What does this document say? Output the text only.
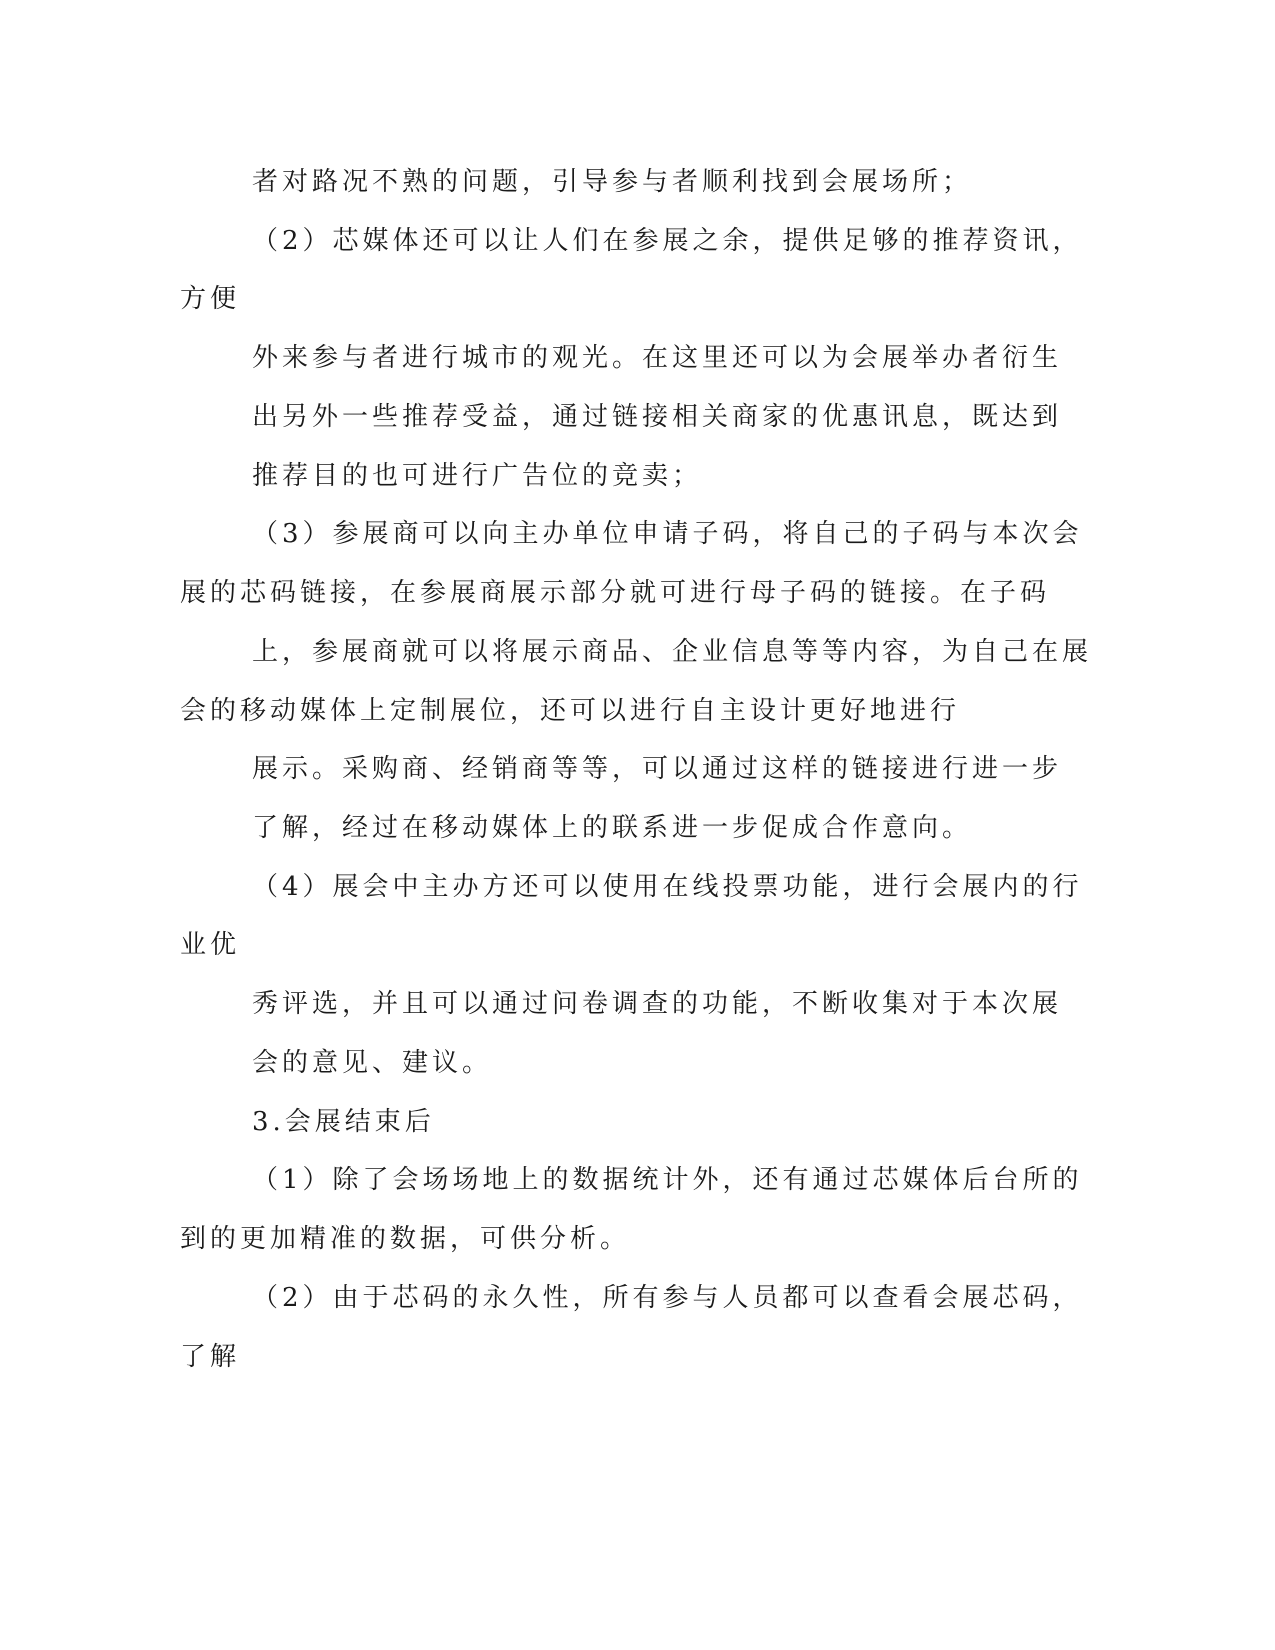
者对路况不熟的问题，引导参与者顺利找到会展场所；
（2）芯媒体还可以让人们在参展之余，提供足够的推荐资讯，
方便
外来参与者进行城市的观光。在这里还可以为会展举办者衍生
出另外一些推荐受益，通过链接相关商家的优惠讯息，既达到
推荐目的也可进行广告位的竞卖；
（3）参展商可以向主办单位申请子码，将自己的子码与本次会
展的芯码链接，在参展商展示部分就可进行母子码的链接。在子码
上，参展商就可以将展示商品、企业信息等等内容，为自己在展
会的移动媒体上定制展位，还可以进行自主设计更好地进行
展示。采购商、经销商等等，可以通过这样的链接进行进一步
了解，经过在移动媒体上的联系进一步促成合作意向。
（4）展会中主办方还可以使用在线投票功能，进行会展内的行
业优
秀评选，并且可以通过问卷调查的功能，不断收集对于本次展
会的意见、建议。
3.会展结束后
（1）除了会场场地上的数据统计外，还有通过芯媒体后台所的
到的更加精准的数据，可供分析。
（2）由于芯码的永久性，所有参与人员都可以查看会展芯码，
了解
